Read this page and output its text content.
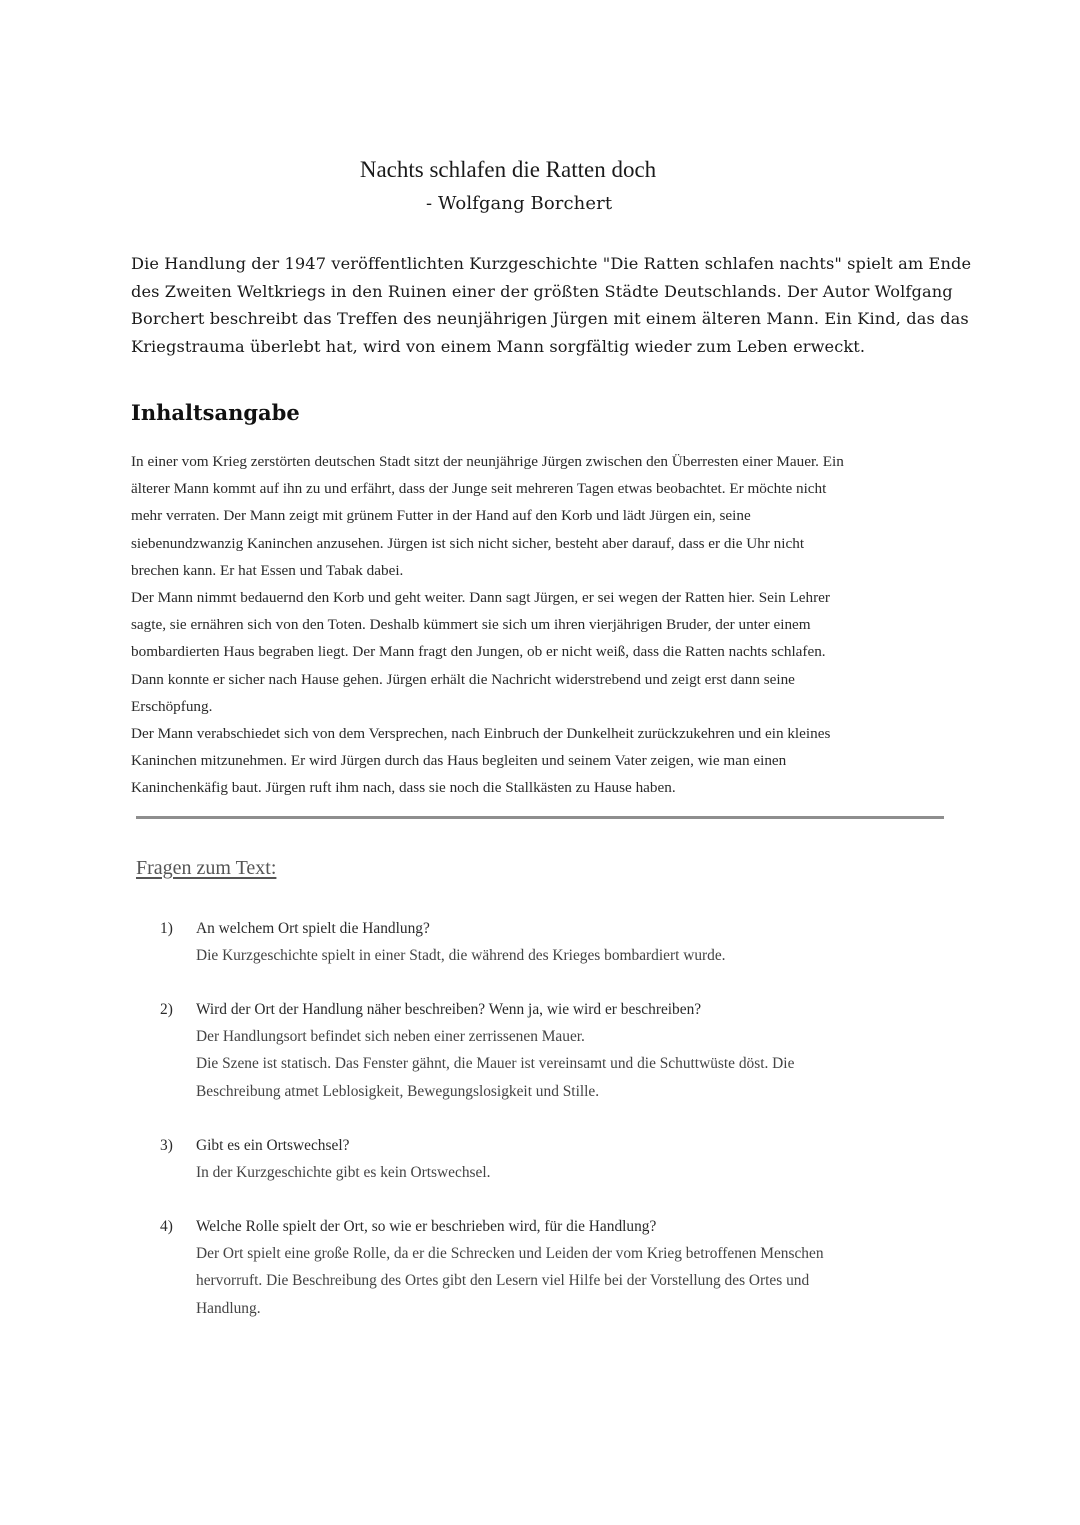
Nachts schlafen die Ratten doch
- Wolfgang Borchert
Die Handlung der 1947 veröffentlichten Kurzgeschichte "Die Ratten schlafen nachts" spielt am Ende
des Zweiten Weltkriegs in den Ruinen einer der größten Städte Deutschlands. Der Autor Wolfgang
Borchert beschreibt das Treffen des neunjährigen Jürgen mit einem älteren Mann. Ein Kind, das das
Kriegstrauma überlebt hat, wird von einem Mann sorgfältig wieder zum Leben erweckt.
Inhaltsangabe
In einer vom Krieg zerstörten deutschen Stadt sitzt der neunjährige Jürgen zwischen den Überresten einer Mauer. Ein
älterer Mann kommt auf ihn zu und erfährt, dass der Junge seit mehreren Tagen etwas beobachtet. Er möchte nicht
mehr verraten. Der Mann zeigt mit grünem Futter in der Hand auf den Korb und lädt Jürgen ein, seine
siebenundzwanzig Kaninchen anzusehen. Jürgen ist sich nicht sicher, besteht aber darauf, dass er die Uhr nicht
brechen kann. Er hat Essen und Tabak dabei.
Der Mann nimmt bedauernd den Korb und geht weiter. Dann sagt Jürgen, er sei wegen der Ratten hier. Sein Lehrer
sagte, sie ernähren sich von den Toten. Deshalb kümmert sie sich um ihren vierjährigen Bruder, der unter einem
bombardierten Haus begraben liegt. Der Mann fragt den Jungen, ob er nicht weiß, dass die Ratten nachts schlafen.
Dann konnte er sicher nach Hause gehen. Jürgen erhält die Nachricht widerstrebend und zeigt erst dann seine
Erschöpfung.
Der Mann verabschiedet sich von dem Versprechen, nach Einbruch der Dunkelheit zurückzukehren und ein kleines
Kaninchen mitzunehmen. Er wird Jürgen durch das Haus begleiten und seinem Vater zeigen, wie man einen
Kaninchenkäfig baut. Jürgen ruft ihm nach, dass sie noch die Stallkästen zu Hause haben.
Fragen zum Text:
1) An welchem Ort spielt die Handlung?
Die Kurzgeschichte spielt in einer Stadt, die während des Krieges bombardiert wurde.
2) Wird der Ort der Handlung näher beschreiben? Wenn ja, wie wird er beschreiben?
Der Handlungsort befindet sich neben einer zerrissenen Mauer.
Die Szene ist statisch. Das Fenster gähnt, die Mauer ist vereinsamt und die Schuttwüste döst. Die
Beschreibung atmet Leblosigkeit, Bewegungslosigkeit und Stille.
3) Gibt es ein Ortswechsel?
In der Kurzgeschichte gibt es kein Ortswechsel.
4) Welche Rolle spielt der Ort, so wie er beschrieben wird, für die Handlung?
Der Ort spielt eine große Rolle, da er die Schrecken und Leiden der vom Krieg betroffenen Menschen
hervorruft. Die Beschreibung des Ortes gibt den Lesern viel Hilfe bei der Vorstellung des Ortes und
Handlung.
